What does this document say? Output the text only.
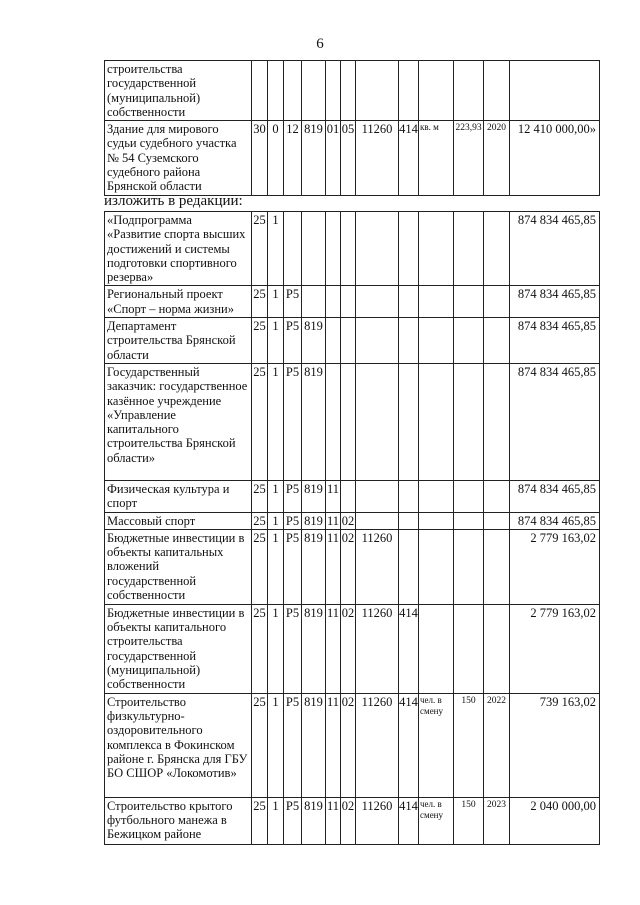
6
строительства государственной (муниципальной) собственности												
Здание для мирового судьи судебного участка № 54 Суземского судебного района Брянской области	30	0	12	819	01	05	11260	414	кв. м	223,93	2020	12 410 000,00»
изложить в редакции:
«Подпрограмма «Развитие спорта высших достижений и системы подготовки спортивного резерва»	25	1										874 834 465,85
Региональный проект «Спорт – норма жизни»	25	1	P5									874 834 465,85
Департамент строительства Брянской области	25	1	P5	819								874 834 465,85
Государственный заказчик: государственное казённое учреждение «Управление капитального строительства Брянской области»	25	1	P5	819								874 834 465,85
Физическая культура и спорт	25	1	P5	819	11							874 834 465,85
Массовый спорт	25	1	P5	819	11	02						874 834 465,85
Бюджетные инвестиции в объекты капитальных вложений государственной собственности	25	1	P5	819	11	02	11260					2 779 163,02
Бюджетные инвестиции в объекты капитального строительства государственной (муниципальной) собственности	25	1	P5	819	11	02	11260	414				2 779 163,02
Строительство физкультурно-оздоровительного комплекса в Фокинском районе г. Брянска для ГБУ БО СШОР «Локомотив»	25	1	P5	819	11	02	11260	414	чел. в смену	150	2022	739 163,02
Строительство крытого футбольного манежа в Бежицком районе	25	1	P5	819	11	02	11260	414	чел. в смену	150	2023	2 040 000,00
